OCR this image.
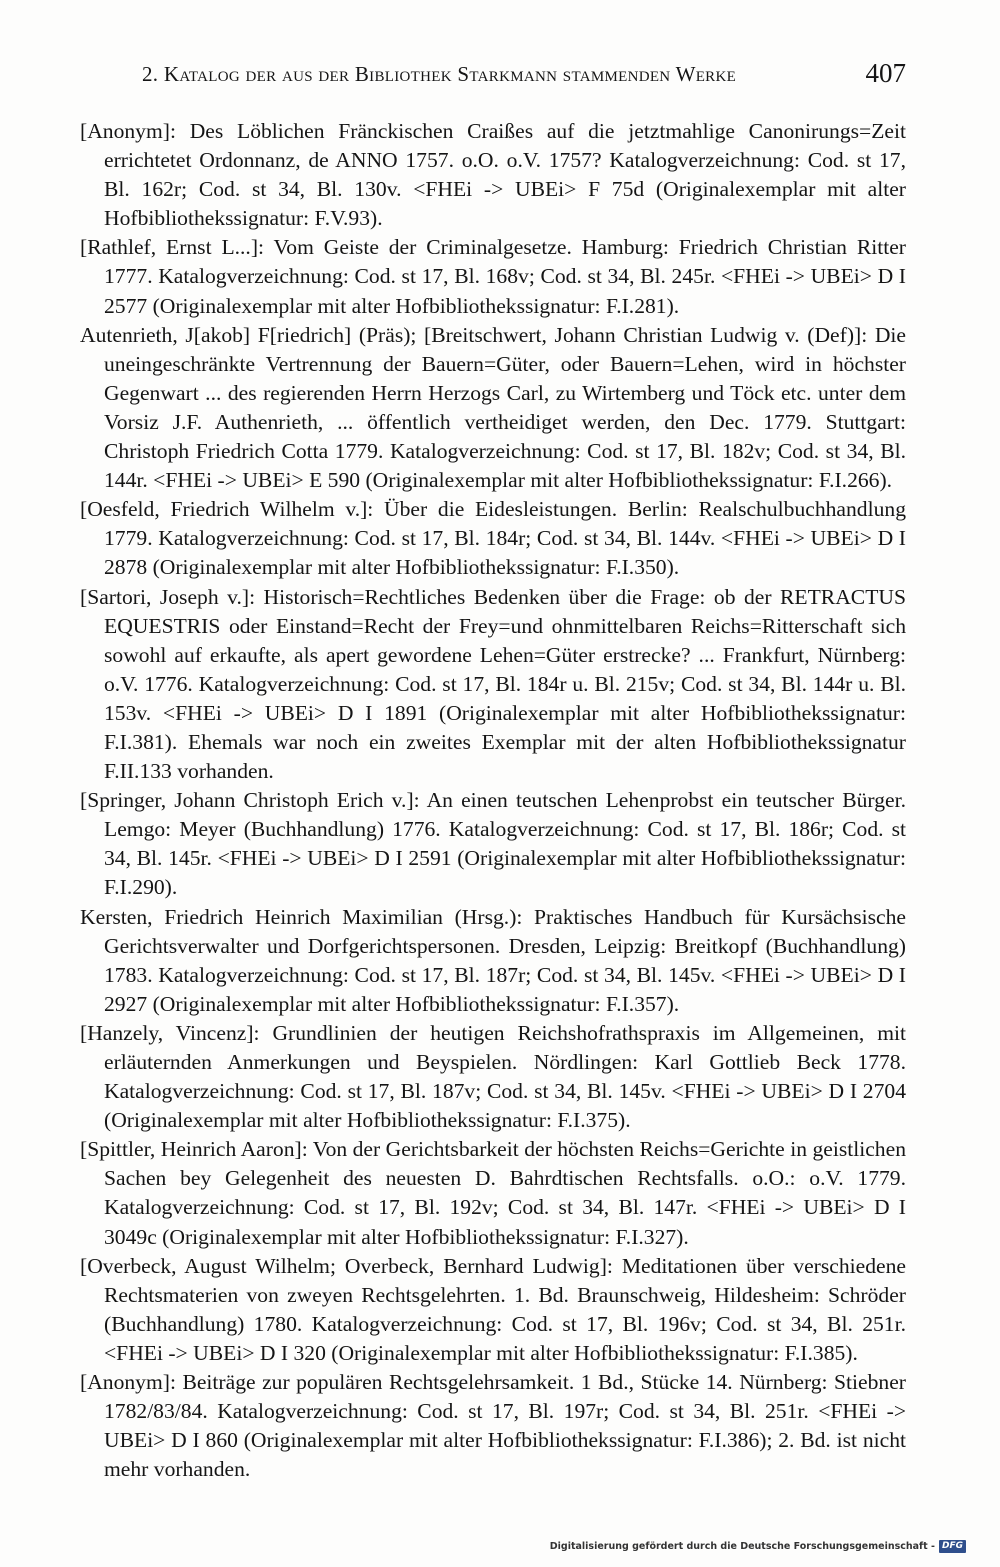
2. Katalog der aus der Bibliothek Starkmann stammenden Werke	407

[Anonym]: Des Löblichen Fränckischen Craißes auf die jetztmahlige Canonirungs=Zeit errichtetet Ordonnanz, de ANNO 1757. o.O. o.V. 1757? Katalogverzeichnung: Cod. st 17, Bl. 162r; Cod. st 34, Bl. 130v. <FHEi -> UBEi> F 75d (Originalexemplar mit alter Hofbibliothekssignatur: F.V.93).

[Rathlef, Ernst L...]: Vom Geiste der Criminalgesetze. Hamburg: Friedrich Christian Ritter 1777. Katalogverzeichnung: Cod. st 17, Bl. 168v; Cod. st 34, Bl. 245r. <FHEi -> UBEi> D I 2577 (Originalexemplar mit alter Hofbibliothekssignatur: F.I.281).

Autenrieth, J[akob] F[riedrich] (Präs); [Breitschwert, Johann Christian Ludwig v. (Def)]: Die uneingeschränkte Vertrennung der Bauern=Güter, oder Bauern=Lehen, wird in höchster Gegenwart ... des regierenden Herrn Herzogs Carl, zu Wirtemberg und Töck etc. unter dem Vorsiz J.F. Authenrieth, ... öffentlich vertheidiget werden, den Dec. 1779. Stuttgart: Christoph Friedrich Cotta 1779. Katalogverzeichnung: Cod. st 17, Bl. 182v; Cod. st 34, Bl. 144r. <FHEi -> UBEi> E 590 (Originalexemplar mit alter Hofbibliothekssignatur: F.I.266).

[Oesfeld, Friedrich Wilhelm v.]: Über die Eidesleistungen. Berlin: Realschulbuchhandlung 1779. Katalogverzeichnung: Cod. st 17, Bl. 184r; Cod. st 34, Bl. 144v. <FHEi -> UBEi> D I 2878 (Originalexemplar mit alter Hofbibliothekssignatur: F.I.350).

[Sartori, Joseph v.]: Historisch=Rechtliches Bedenken über die Frage: ob der RETRACTUS EQUESTRIS oder Einstand=Recht der Frey=und ohnmittelbaren Reichs=Ritterschaft sich sowohl auf erkaufte, als apert gewordene Lehen=Güter erstrecke? ... Frankfurt, Nürnberg: o.V. 1776. Katalogverzeichnung: Cod. st 17, Bl. 184r u. Bl. 215v; Cod. st 34, Bl. 144r u. Bl. 153v. <FHEi -> UBEi> D I 1891 (Originalexemplar mit alter Hofbibliothekssignatur: F.I.381). Ehemals war noch ein zweites Exemplar mit der alten Hofbibliothekssignatur F.II.133 vorhanden.

[Springer, Johann Christoph Erich v.]: An einen teutschen Lehenprobst ein teutscher Bürger. Lemgo: Meyer (Buchhandlung) 1776. Katalogverzeichnung: Cod. st 17, Bl. 186r; Cod. st 34, Bl. 145r. <FHEi -> UBEi> D I 2591 (Originalexemplar mit alter Hofbibliothekssignatur: F.I.290).

Kersten, Friedrich Heinrich Maximilian (Hrsg.): Praktisches Handbuch für Kursächsische Gerichtsverwalter und Dorfgerichtspersonen. Dresden, Leipzig: Breitkopf (Buchhandlung) 1783. Katalogverzeichnung: Cod. st 17, Bl. 187r; Cod. st 34, Bl. 145v. <FHEi -> UBEi> D I 2927 (Originalexemplar mit alter Hofbibliothekssignatur: F.I.357).

[Hanzely, Vincenz]: Grundlinien der heutigen Reichshofrathspraxis im Allgemeinen, mit erläuternden Anmerkungen und Beyspielen. Nördlingen: Karl Gottlieb Beck 1778. Katalogverzeichnung: Cod. st 17, Bl. 187v; Cod. st 34, Bl. 145v. <FHEi -> UBEi> D I 2704 (Originalexemplar mit alter Hofbibliothekssignatur: F.I.375).

[Spittler, Heinrich Aaron]: Von der Gerichtsbarkeit der höchsten Reichs=Gerichte in geistlichen Sachen bey Gelegenheit des neuesten D. Bahrdtischen Rechtsfalls. o.O.: o.V. 1779. Katalogverzeichnung: Cod. st 17, Bl. 192v; Cod. st 34, Bl. 147r. <FHEi -> UBEi> D I 3049c (Originalexemplar mit alter Hofbibliothekssignatur: F.I.327).

[Overbeck, August Wilhelm; Overbeck, Bernhard Ludwig]: Meditationen über verschiedene Rechtsmaterien von zweyen Rechtsgelehrten. 1. Bd. Braunschweig, Hildesheim: Schröder (Buchhandlung) 1780. Katalogverzeichnung: Cod. st 17, Bl. 196v; Cod. st 34, Bl. 251r. <FHEi -> UBEi> D I 320 (Originalexemplar mit alter Hofbibliothekssignatur: F.I.385).

[Anonym]: Beiträge zur populären Rechtsgelehrsamkeit. 1 Bd., Stücke 14. Nürnberg: Stiebner 1782/83/84. Katalogverzeichnung: Cod. st 17, Bl. 197r; Cod. st 34, Bl. 251r. <FHEi -> UBEi> D I 860 (Originalexemplar mit alter Hofbibliothekssignatur: F.I.386); 2. Bd. ist nicht mehr vorhanden.

Digitalisierung gefördert durch die Deutsche Forschungsgemeinschaft - DFG
